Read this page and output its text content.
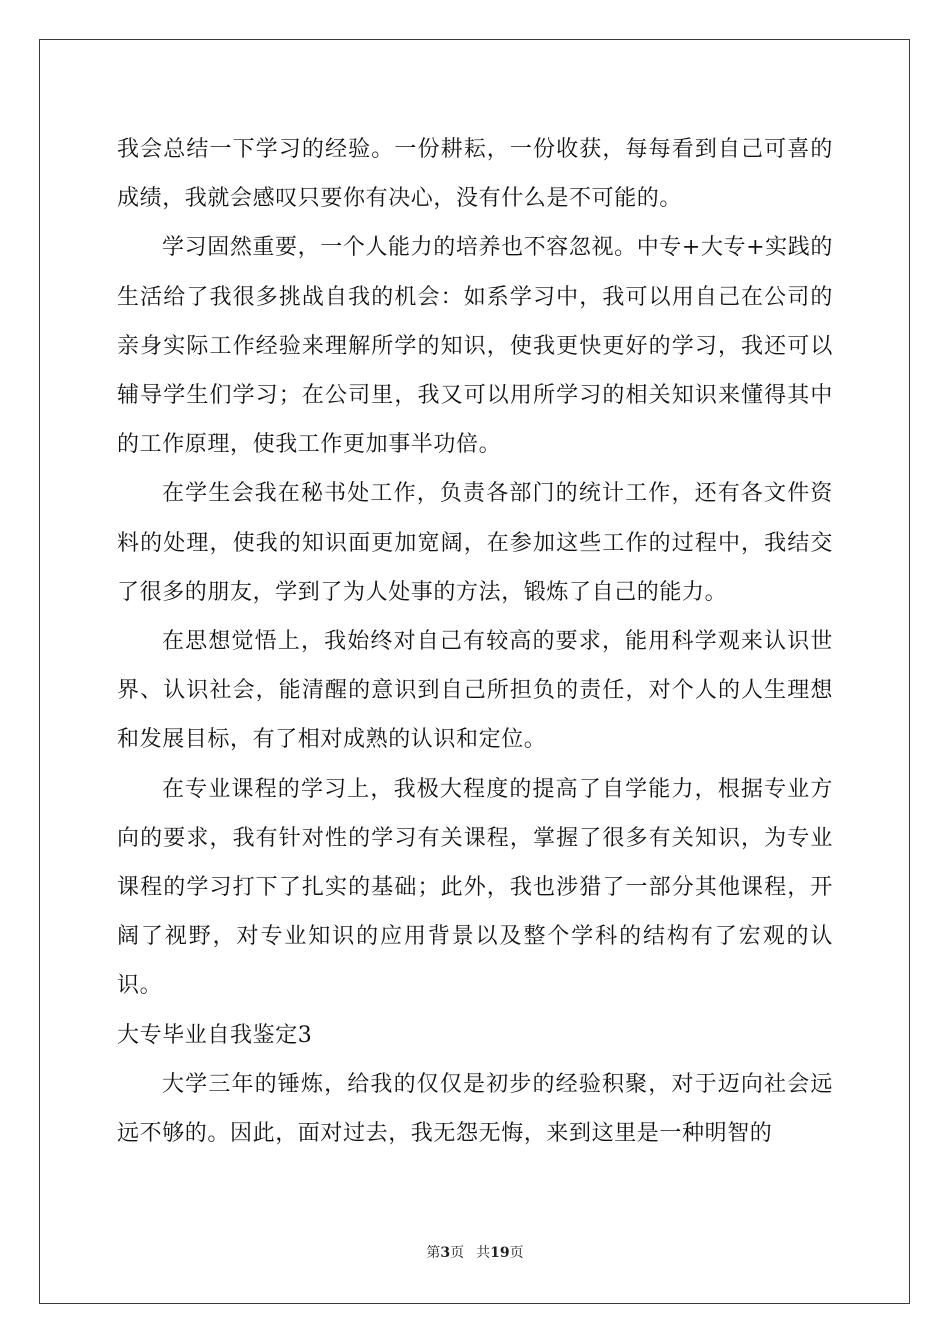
我会总结一下学习的经验。一份耕耘，一份收获，每每看到自己可喜的成绩，我就会感叹只要你有决心，没有什么是不可能的。

学习固然重要，一个人能力的培养也不容忽视。中专+大专+实践的生活给了我很多挑战自我的机会：如系学习中，我可以用自己在公司的亲身实际工作经验来理解所学的知识，使我更快更好的学习，我还可以辅导学生们学习；在公司里，我又可以用所学习的相关知识来懂得其中的工作原理，使我工作更加事半功倍。

在学生会我在秘书处工作，负责各部门的统计工作，还有各文件资料的处理，使我的知识面更加宽阔，在参加这些工作的过程中，我结交了很多的朋友，学到了为人处事的方法，锻炼了自己的能力。

在思想觉悟上，我始终对自己有较高的要求，能用科学观来认识世界、认识社会，能清醒的意识到自己所担负的责任，对个人的人生理想和发展目标，有了相对成熟的认识和定位。

在专业课程的学习上，我极大程度的提高了自学能力，根据专业方向的要求，我有针对性的学习有关课程，掌握了很多有关知识，为专业课程的学习打下了扎实的基础；此外，我也涉猎了一部分其他课程，开阔了视野，对专业知识的应用背景以及整个学科的结构有了宏观的认识。

大专毕业自我鉴定3

大学三年的锤炼，给我的仅仅是初步的经验积聚，对于迈向社会远远不够的。因此，面对过去，我无怨无悔，来到这里是一种明智的

第3页 共19页
